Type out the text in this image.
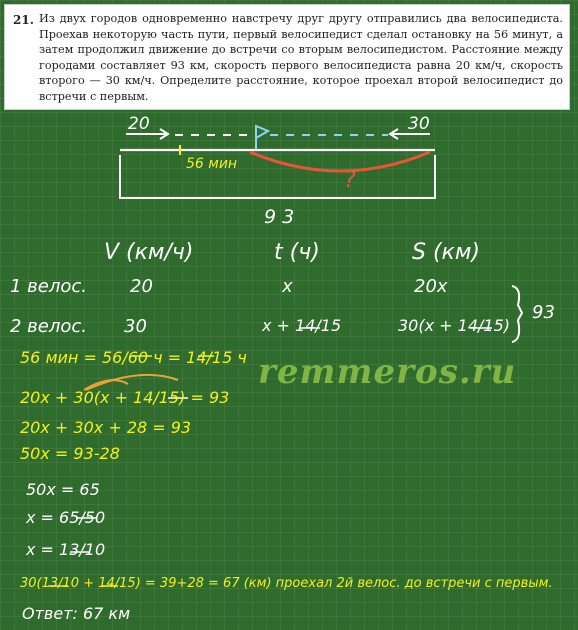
21. Из двух городов одновременно навстречу друг другу отправились два велосипедиста. Проехав некоторую часть пути, первый велосипедист сделал остановку на 56 минут, а затем продолжил движение до встречи со вторым велосипедистом. Расстояние между городами составляет 93 км, скорость первого велосипедиста равна 20 км/ч, скорость второго — 30 км/ч. Определите расстояние, которое проехал второй велосипедист до встречи с первым.
20	30
56 мин
?
9 3
V (км/ч)	t (ч)	S (км)
1 велос. 20	x	20x
2 велос. 30	x + 14/15	30(x + 14/15)
93
remmeros.ru
56 мин = 56/60 ч = 14/15 ч
20x + 30(x + 14/15) = 93
20x + 30x + 28 = 93
50x = 93-28
50x = 65
x = 65/50
x = 13/10
30(13/10 + 14/15) = 39+28 = 67 (км) проехал 2й велос. до встречи с первым.
Ответ: 67 км
